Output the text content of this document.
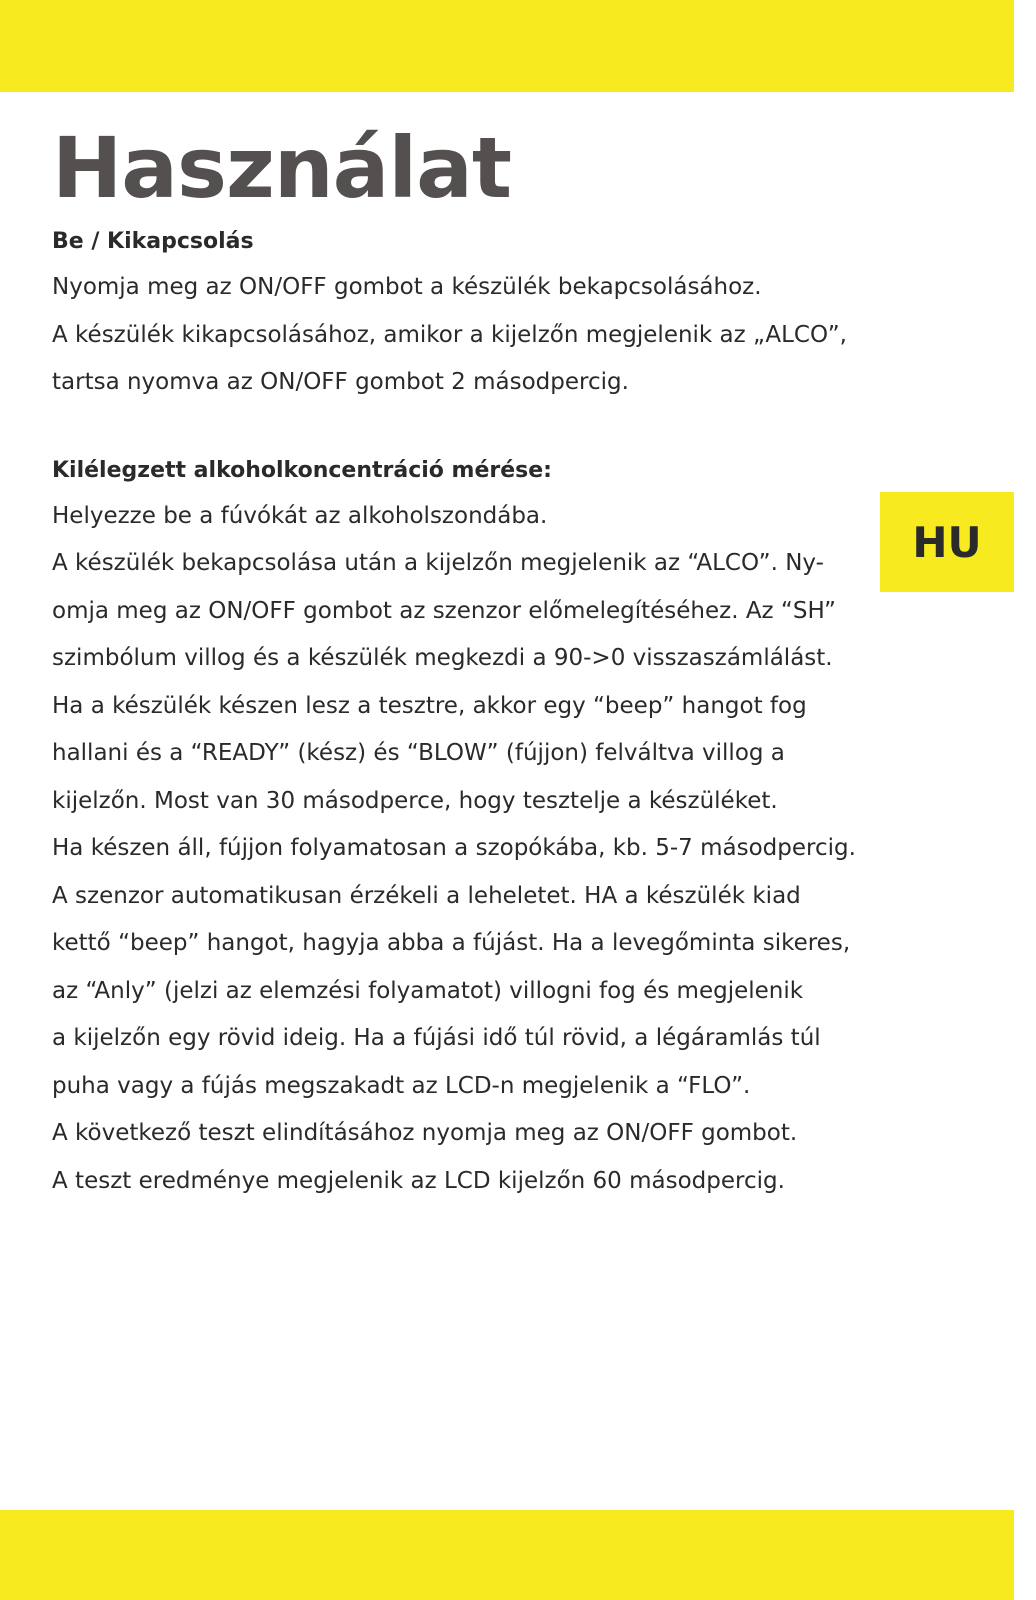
HU
Használat
Be / Kikapcsolás

Nyomja meg az ON/OFF gombot a készülék bekapcsolásához.

A készülék kikapcsolásához, amikor a kijelzőn megjelenik az „ALCO”,

tartsa nyomva az ON/OFF gombot 2 másodpercig.

Kilélegzett alkoholkoncentráció mérése:

Helyezze be a fúvókát az alkoholszondába.

A készülék bekapcsolása után a kijelzőn megjelenik az “ALCO”. Ny-

omja meg az ON/OFF gombot az szenzor előmelegítéséhez. Az “SH”

szimbólum villog és a készülék megkezdi a 90->0 visszaszámlálást.

Ha a készülék készen lesz a tesztre, akkor egy “beep” hangot fog

hallani és a “READY” (kész) és “BLOW” (fújjon) felváltva villog a

kijelzőn. Most van 30 másodperce, hogy tesztelje a készüléket.

Ha készen áll, fújjon folyamatosan a szopókába, kb. 5-7 másodpercig.

A szenzor automatikusan érzékeli a leheletet. HA a készülék kiad

kettő “beep” hangot, hagyja abba a fújást. Ha a levegőminta sikeres,

az “Anly” (jelzi az elemzési folyamatot) villogni fog és megjelenik

a kijelzőn egy rövid ideig. Ha a fújási idő túl rövid, a légáramlás túl

puha vagy a fújás megszakadt az LCD-n megjelenik a “FLO”.

A következő teszt elindításához nyomja meg az ON/OFF gombot.

A teszt eredménye megjelenik az LCD kijelzőn 60 másodpercig.
